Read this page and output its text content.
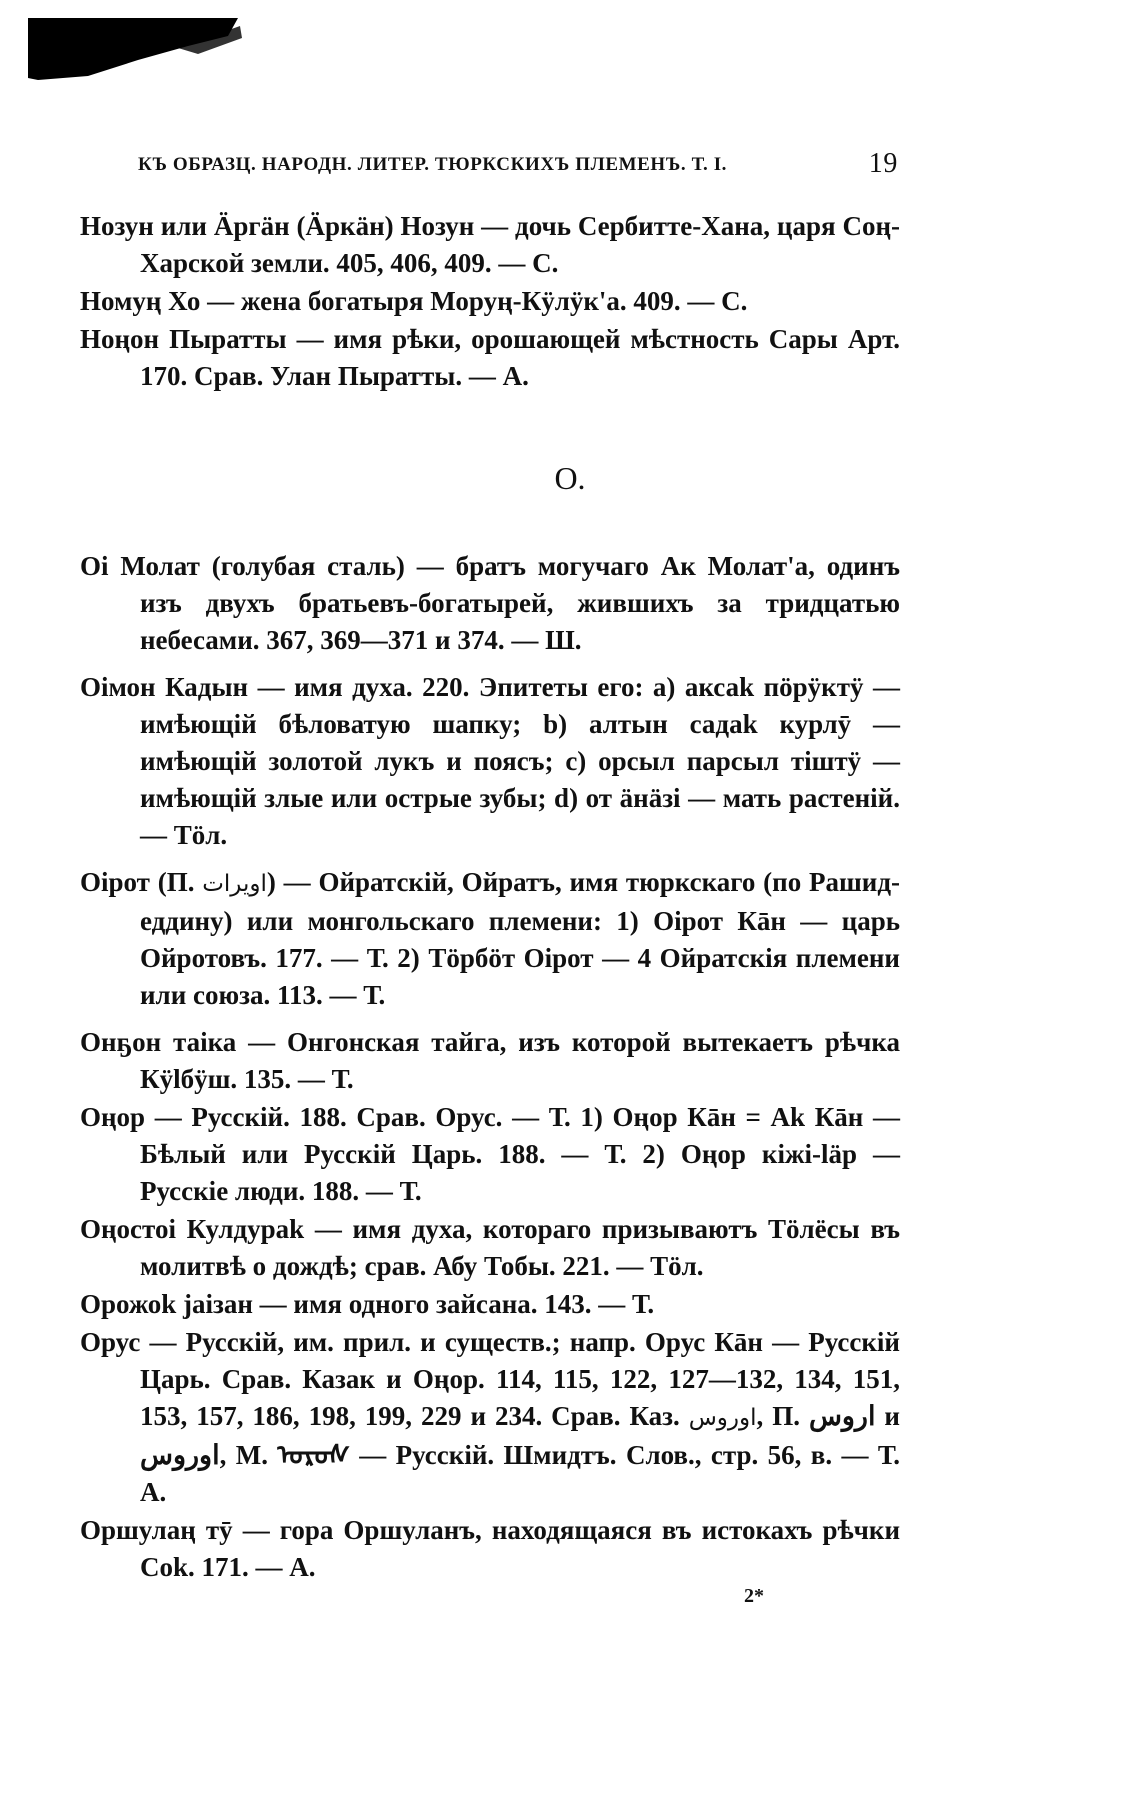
КЪ ОБРАЗЦ. НАРОДН. ЛИТЕР. ТЮРКСКИХЪ ПЛЕМЕНЪ. Т. I.	19

Нозун или Äргäн (Äркäн) Нозун — дочь Сербитте-Хана, царя Соң-Харской земли. 405, 406, 409. — С.

Номуң Хо — жена богатыря Моруң-Кӱлӱк'а. 409. — С.

Ноңон Пыратты — имя рѣки, орошающей мѣстность Сары Арт. 170. Срав. Улан Пыратты. — А.

О.

Оі Молат (голубая сталь) — братъ могучаго Ак Молат'а, одинъ изъ двухъ братьевъ-богатырей, жившихъ за тридцатью небесами. 367, 369—371 и 374. — Ш.

Оімон Кадын — имя духа. 220. Эпитеты его: а) аксаk пӧрӱктӱ — имѣющій бѣловатую шапку; b) алтын садаk курлӯ — имѣющій золотой лукъ и поясъ; с) орсыл парсыл тіштӱ — имѣющій злые или острые зубы; d) от äнäзі — мать растеній. — Тӧл.

Оірот (П. اویرات) — Ойратскій, Ойратъ, имя тюркскаго (по Рашид-еддину) или монгольскаго племени: 1) Оірот Кāн — царь Ойротовъ. 177. — Т. 2) Тӧрбӧт Оірот — 4 Ойратскія племени или союза. 113. — Т.

Онҕон таіка — Онгонская тайга, изъ которой вытекаетъ рѣчка Кӱlбӱш. 135. — Т.

Оңор — Русскій. 188. Срав. Орус. — Т. 1) Оңор Кāн = Аk Кāн — Бѣлый или Русскій Царь. 188. — Т. 2) Оңор кіжі-läр — Русскіе люди. 188. — Т.

Оңостоі Кулдураk — имя духа, котораго призываютъ Тӧлёсы въ молитвѣ о дождѣ; срав. Абу Тобы. 221. — Тӧл.

Орожоk јаізан — имя одного зайсана. 143. — Т.

Орус — Русскій, им. прил. и существ.; напр. Орус Кāн — Русскій Царь. Срав. Казак и Оңор. 114, 115, 122, 127—132, 134, 151, 153, 157, 186, 198, 199, 229 и 234. Срав. Каз. اوروس, П. اروس и اوروس, М. ᠣᠷᠣᠰ — Русскій. Шмидтъ. Слов., стр. 56, в. — Т. А.

Оршулаң тӯ — гора Оршуланъ, находящаяся въ истокахъ рѣчки Соk. 171. — А.

2*
